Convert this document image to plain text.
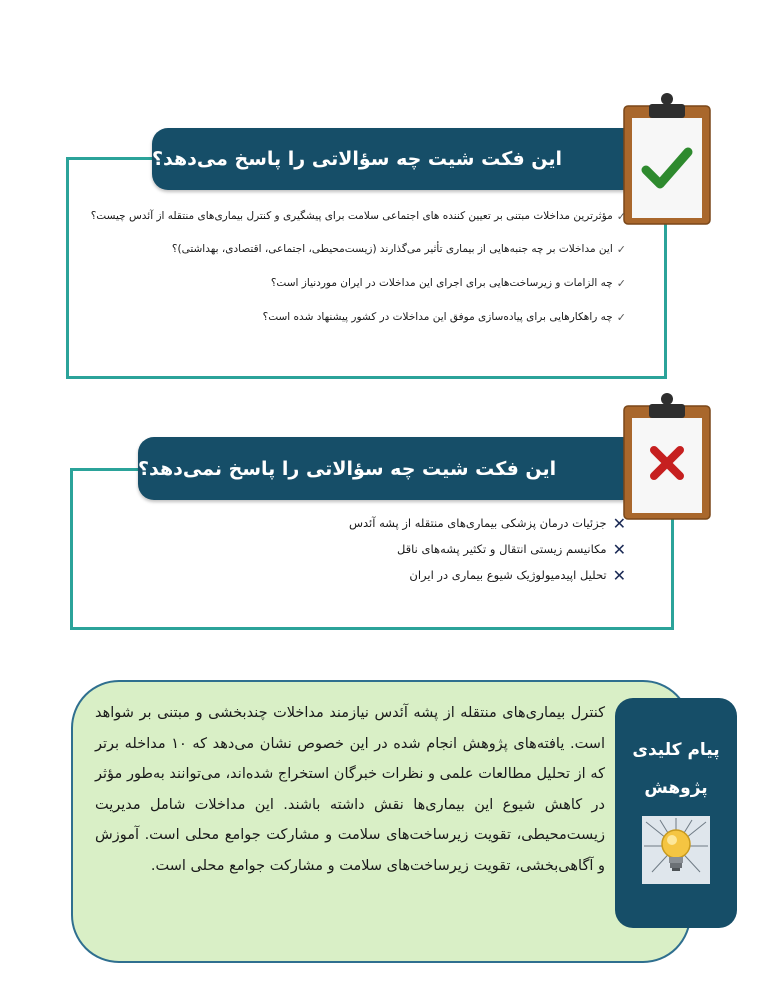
این فکت شیت چه سؤالاتی را پاسخ می‌دهد؟
✓
مؤثرترین مداخلات مبتنی بر تعیین کننده های اجتماعی سلامت برای پیشگیری و کنترل بیماری‌های منتقله از آئدس چیست؟
✓
این مداخلات بر چه جنبه‌هایی از بیماری تأثیر می‌گذارند (زیست‌محیطی، اجتماعی، اقتصادی، بهداشتی)؟
✓
چه الزامات و زیرساخت‌هایی برای اجرای این مداخلات در ایران موردنیاز است؟
✓
چه راهکارهایی برای پیاده‌سازی موفق این مداخلات در کشور پیشنهاد شده است؟
این فکت شیت چه سؤالاتی را پاسخ نمی‌دهد؟
✕
جزئیات درمان پزشکی بیماری‌های منتقله از پشه آئدس
✕
مکانیسم زیستی انتقال و تکثیر پشه‌های ناقل
✕
تحلیل اپیدمیولوژیک شیوع بیماری در ایران
کنترل بیماری‌های منتقله از پشه آئدس نیازمند مداخلات چندبخشی و مبتنی بر شواهد است. یافته‌های پژوهش انجام شده در این خصوص نشان می‌دهد که ۱۰ مداخله برتر که از تحلیل مطالعات علمی و نظرات خبرگان استخراج شده‌اند، می‌توانند به‌طور مؤثر در کاهش شیوع این بیماری‌ها نقش داشته باشند. این مداخلات شامل مدیریت زیست‌محیطی، تقویت زیرساخت‌های سلامت و مشارکت جوامع محلی است. آموزش و آگاهی‌بخشی، تقویت زیرساخت‌های سلامت و مشارکت جوامع محلی است.
پیام کلیدی
پژوهش
